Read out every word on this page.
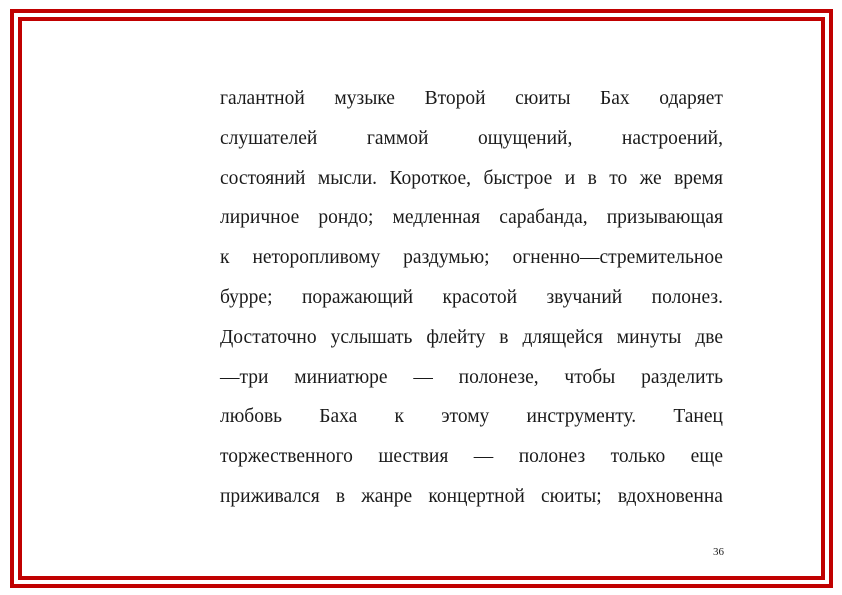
галантной музыке Второй сюиты Бах одаряет
слушателей	гаммой	ощущений,	настроений,
состояний мысли. Короткое, быстрое и в то же время
лиричное рондо; медленная сарабанда, призывающая
к неторопливому раздумью; огненно—стремительное
бурре; поражающий красотой звучаний полонез.
Достаточно услышать флейту в длящейся минуты две
—три миниатюре — полонезе, чтобы разделить
любовь Баха к этому инструменту. Танец
торжественного шествия — полонез только еще
приживался в жанре концертной сюиты; вдохновенна
36
